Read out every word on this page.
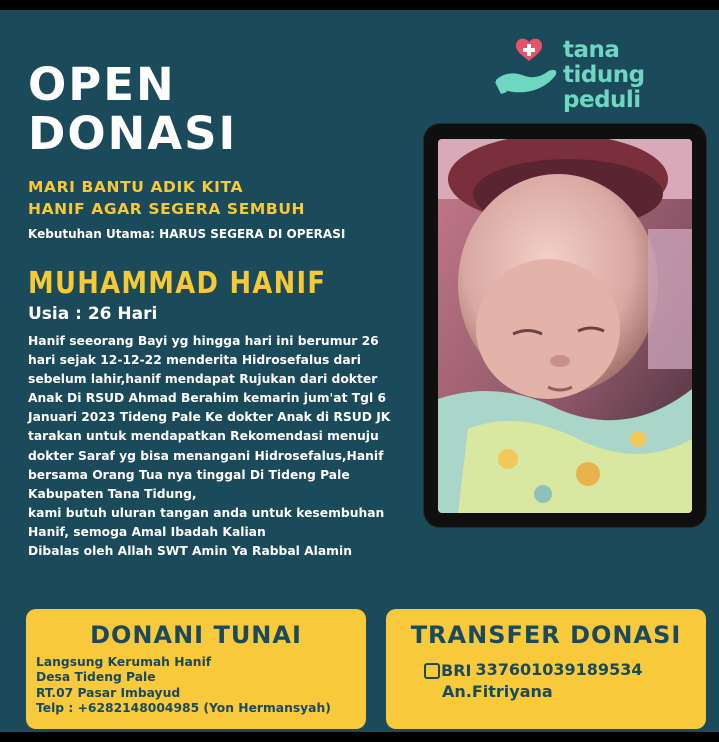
tana tidung
peduli
OPEN
DONASI
MARI BANTU ADIK KITA
HANIF AGAR SEGERA SEMBUH
Kebutuhan Utama: HARUS SEGERA DI OPERASI
MUHAMMAD HANIF
Usia : 26 Hari
Hanif seeorang Bayi yg hingga hari ini berumur 26
hari sejak 12-12-22 menderita Hidrosefalus dari
sebelum lahir,hanif mendapat Rujukan dari dokter
Anak Di RSUD Ahmad Berahim kemarin jum'at Tgl 6
Januari 2023 Tideng Pale Ke dokter Anak di RSUD JK
tarakan untuk mendapatkan Rekomendasi menuju
dokter Saraf yg bisa menangani Hidrosefalus,Hanif
bersama Orang Tua nya tinggal Di Tideng Pale
Kabupaten Tana Tidung,
kami butuh uluran tangan anda untuk kesembuhan
Hanif, semoga Amal Ibadah Kalian
Dibalas oleh Allah SWT Amin Ya Rabbal Alamin
DONANI TUNAI
Langsung Kerumah Hanif
Desa Tideng Pale
RT.07 Pasar Imbayud
Telp : +6282148004985 (Yon Hermansyah)
TRANSFER DONASI
BRI 337601039189534
An.Fitriyana
